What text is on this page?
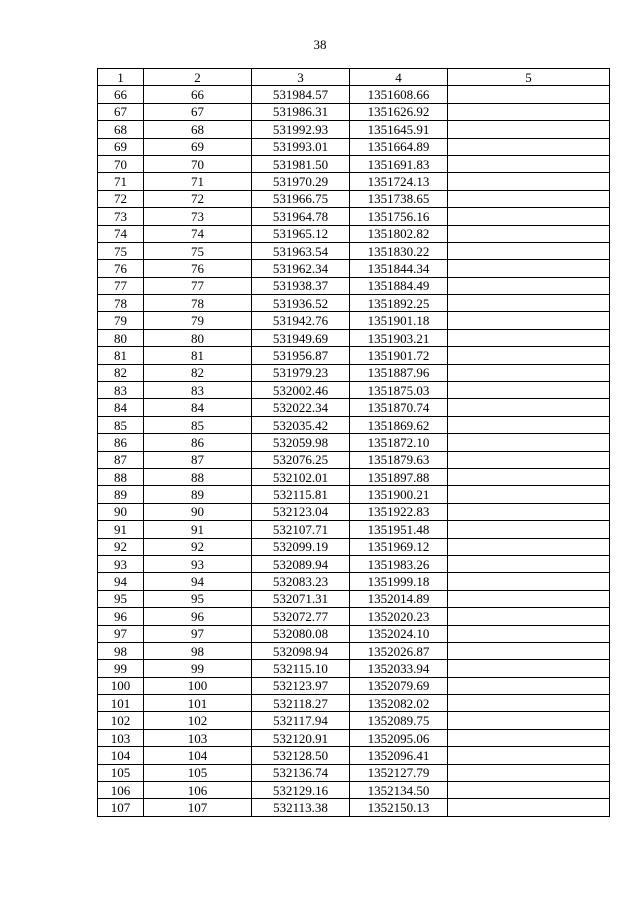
38
1	2	3	4	5
66	66	531984.57	1351608.66	
67	67	531986.31	1351626.92	
68	68	531992.93	1351645.91	
69	69	531993.01	1351664.89	
70	70	531981.50	1351691.83	
71	71	531970.29	1351724.13	
72	72	531966.75	1351738.65	
73	73	531964.78	1351756.16	
74	74	531965.12	1351802.82	
75	75	531963.54	1351830.22	
76	76	531962.34	1351844.34	
77	77	531938.37	1351884.49	
78	78	531936.52	1351892.25	
79	79	531942.76	1351901.18	
80	80	531949.69	1351903.21	
81	81	531956.87	1351901.72	
82	82	531979.23	1351887.96	
83	83	532002.46	1351875.03	
84	84	532022.34	1351870.74	
85	85	532035.42	1351869.62	
86	86	532059.98	1351872.10	
87	87	532076.25	1351879.63	
88	88	532102.01	1351897.88	
89	89	532115.81	1351900.21	
90	90	532123.04	1351922.83	
91	91	532107.71	1351951.48	
92	92	532099.19	1351969.12	
93	93	532089.94	1351983.26	
94	94	532083.23	1351999.18	
95	95	532071.31	1352014.89	
96	96	532072.77	1352020.23	
97	97	532080.08	1352024.10	
98	98	532098.94	1352026.87	
99	99	532115.10	1352033.94	
100	100	532123.97	1352079.69	
101	101	532118.27	1352082.02	
102	102	532117.94	1352089.75	
103	103	532120.91	1352095.06	
104	104	532128.50	1352096.41	
105	105	532136.74	1352127.79	
106	106	532129.16	1352134.50	
107	107	532113.38	1352150.13	
